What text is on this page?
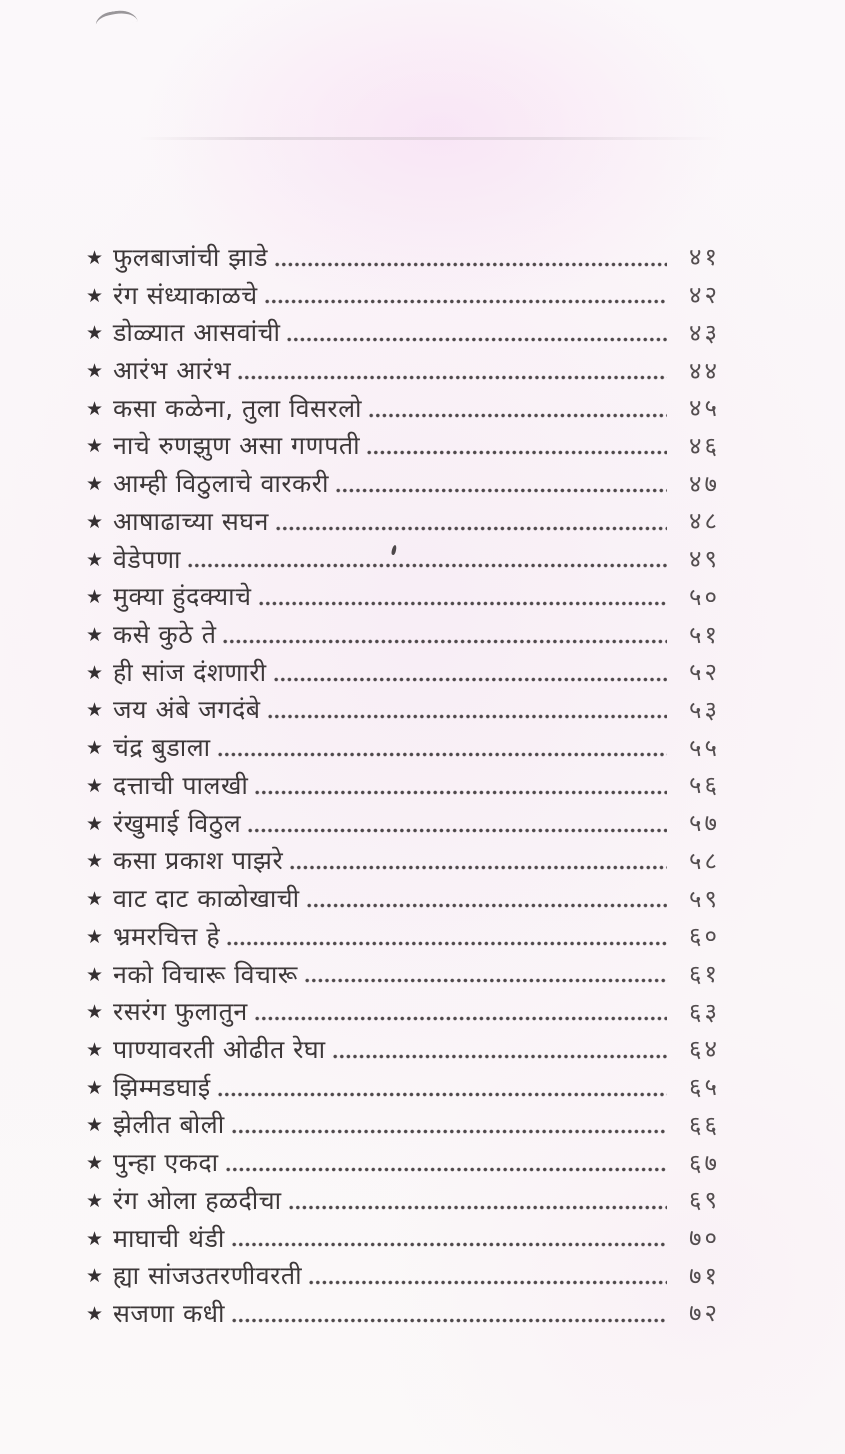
★ फुलबाजांची झाडे	४१
★ रंग संध्याकाळचे	४२
★ डोळ्यात आसवांची	४३
★ आरंभ आरंभ	४४
★ कसा कळेना, तुला विसरलो	४५
★ नाचे रुणझुण असा गणपती	४६
★ आम्ही विठुलाचे वारकरी	४७
★ आषाढाच्या सघन	४८
★ वेडेपणा	४९
★ मुक्या हुंदक्याचे	५०
★ कसे कुठे ते	५१
★ ही सांज दंशणारी	५२
★ जय अंबे जगदंबे	५३
★ चंद्र बुडाला	५५
★ दत्ताची पालखी	५६
★ रंखुमाई विठुल	५७
★ कसा प्रकाश पाझरे	५८
★ वाट दाट काळोखाची	५९
★ भ्रमरचित्त हे	६०
★ नको विचारू विचारू	६१
★ रसरंग फुलातुन	६३
★ पाण्यावरती ओढीत रेघा	६४
★ झिम्मडघाई	६५
★ झेलीत बोली	६६
★ पुन्हा एकदा	६७
★ रंग ओला हळदीचा	६९
★ माघाची थंडी	७०
★ ह्या सांजउतरणीवरती	७१
★ सजणा कधी	७२
